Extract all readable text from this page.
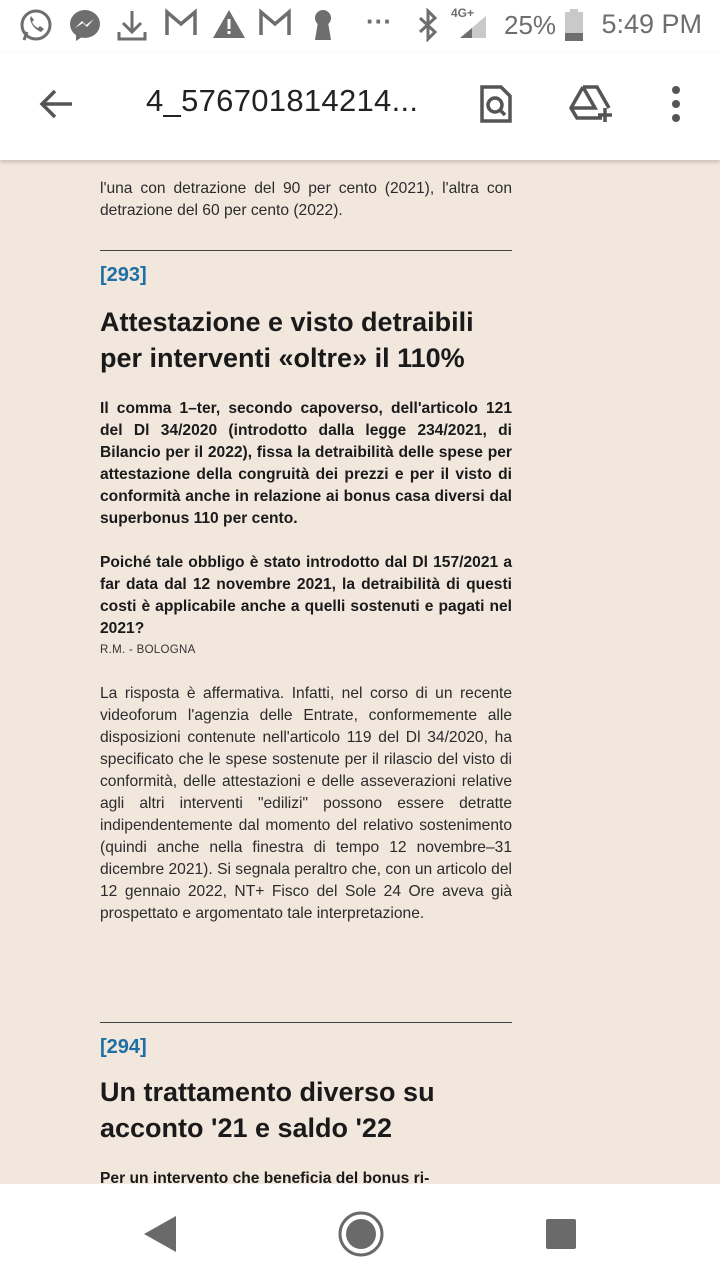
···	4G+ 25% 5:49 PM
4_576701814214...

l'una con detrazione del 90 per cento (2021), l'altra con detrazione del 60 per cento (2022).

[293]
Attestazione e visto detraibili per interventi «oltre» il 110%

Il comma 1–ter, secondo capoverso, dell'articolo 121 del Dl 34/2020 (introdotto dalla legge 234/2021, di Bilancio per il 2022), fissa la detraibilità delle spese per attestazione della congruità dei prezzi e per il visto di conformità anche in relazione ai bonus casa diversi dal superbonus 110 per cento.

Poiché tale obbligo è stato introdotto dal Dl 157/2021 a far data dal 12 novembre 2021, la detraibilità di questi costi è applicabile anche a quelli sostenuti e pagati nel 2021?

R.M. - BOLOGNA

La risposta è affermativa. Infatti, nel corso di un recente videoforum l'agenzia delle Entrate, conformemente alle disposizioni contenute nell'articolo 119 del Dl 34/2020, ha specificato che le spese sostenute per il rilascio del visto di conformità, delle attestazioni e delle asseverazioni relative agli altri interventi "edilizi" possono essere detratte indipendentemente dal momento del relativo sostenimento (quindi anche nella finestra di tempo 12 novembre–31 dicembre 2021). Si segnala peraltro che, con un articolo del 12 gennaio 2022, NT+ Fisco del Sole 24 Ore aveva già prospettato e argomentato tale interpretazione.

[294]
Un trattamento diverso su acconto '21 e saldo '22

Per un intervento che beneficia del bonus ri-
